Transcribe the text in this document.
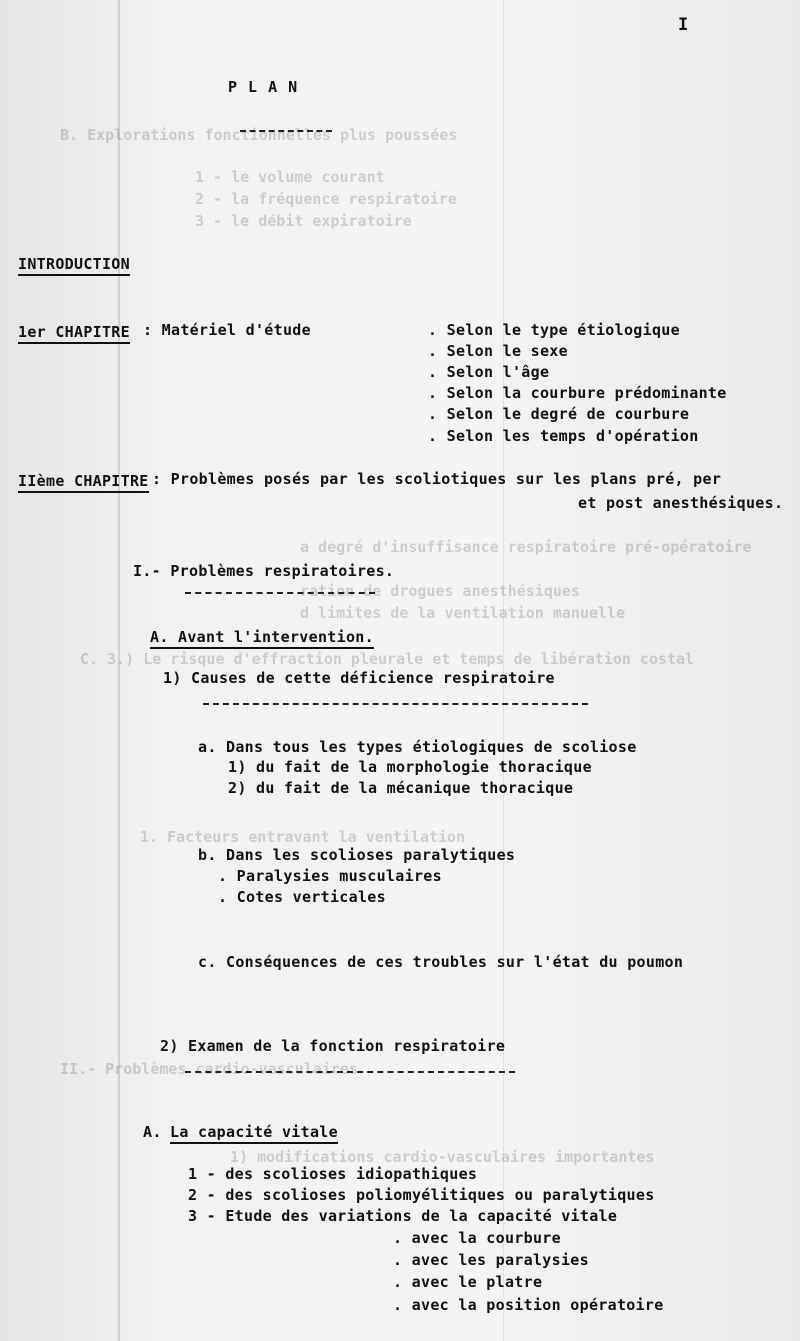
1 - le volume courant
2 - la fréquence respiratoire
3 - le débit expiratoire
B. Explorations fonctionnelles plus poussées
a degré d'insuffisance respiratoire pré-opératoire
ration de drogues anesthésiques
d limites de la ventilation manuelle
C. 3.) Le risque d'effraction pleurale et temps de libération costal
1. Facteurs entravant la ventilation
II.- Problèmes cardio-vasculaires
1) modifications cardio-vasculaires importantes
I
P L A N
INTRODUCTION
1er CHAPITRE : Matériel d'étude	. Selon le type étiologique
. Selon le sexe
. Selon l'âge
. Selon la courbure prédominante
. Selon le degré de courbure
. Selon les temps d'opération
IIème CHAPITRE : Problèmes posés par les scoliotiques sur les plans pré, per
et post anesthésiques.
I.- Problèmes respiratoires.
A. Avant l'intervention.
1) Causes de cette déficience respiratoire
a. Dans tous les types étiologiques de scoliose
1) du fait de la morphologie thoracique
2) du fait de la mécanique thoracique
b. Dans les scolioses paralytiques
. Paralysies musculaires
. Cotes verticales
c. Conséquences de ces troubles sur l'état du poumon
2) Examen de la fonction respiratoire
A. La capacité vitale
1 - des scolioses idiopathiques
2 - des scolioses poliomyélitiques ou paralytiques
3 - Etude des variations de la capacité vitale
. avec la courbure
. avec les paralysies
. avec le platre
. avec la position opératoire
